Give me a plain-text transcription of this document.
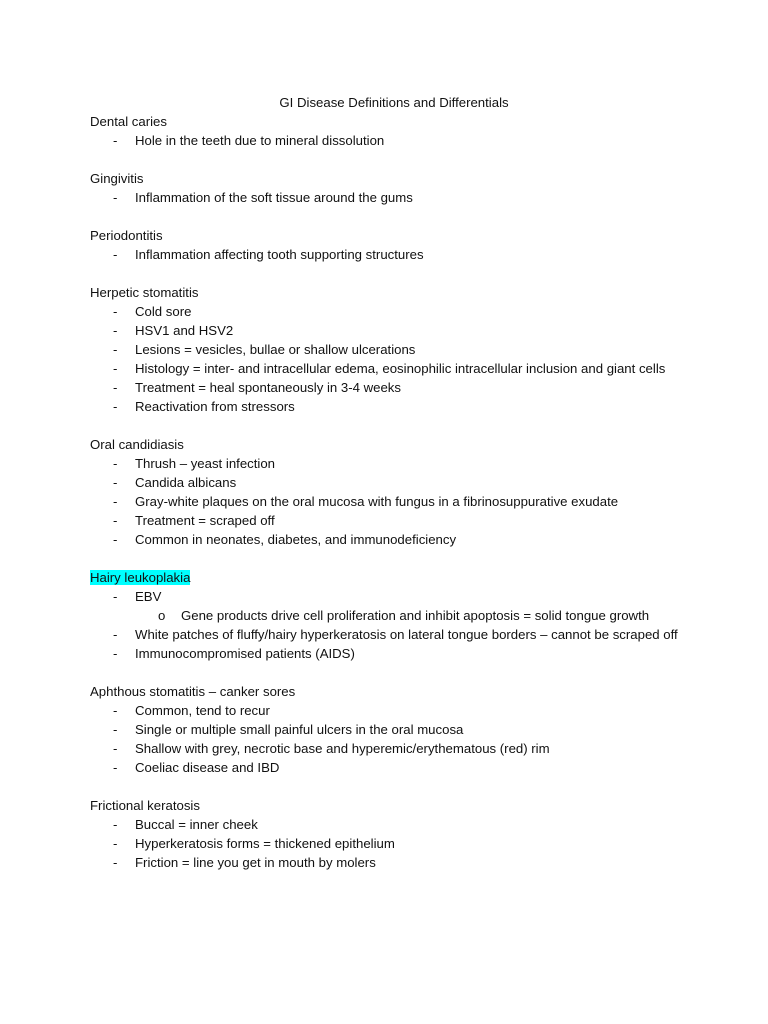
GI Disease Definitions and Differentials
Dental caries
- Hole in the teeth due to mineral dissolution
Gingivitis
- Inflammation of the soft tissue around the gums
Periodontitis
- Inflammation affecting tooth supporting structures
Herpetic stomatitis
- Cold sore
- HSV1 and HSV2
- Lesions = vesicles, bullae or shallow ulcerations
- Histology = inter- and intracellular edema, eosinophilic intracellular inclusion and giant cells
- Treatment = heal spontaneously in 3-4 weeks
- Reactivation from stressors
Oral candidiasis
- Thrush – yeast infection
- Candida albicans
- Gray-white plaques on the oral mucosa with fungus in a fibrinosuppurative exudate
- Treatment = scraped off
- Common in neonates, diabetes, and immunodeficiency
Hairy leukoplakia
- EBV
o Gene products drive cell proliferation and inhibit apoptosis = solid tongue growth
- White patches of fluffy/hairy hyperkeratosis on lateral tongue borders – cannot be scraped off
- Immunocompromised patients (AIDS)
Aphthous stomatitis – canker sores
- Common, tend to recur
- Single or multiple small painful ulcers in the oral mucosa
- Shallow with grey, necrotic base and hyperemic/erythematous (red) rim
- Coeliac disease and IBD
Frictional keratosis
- Buccal = inner cheek
- Hyperkeratosis forms = thickened epithelium
- Friction = line you get in mouth by molers
